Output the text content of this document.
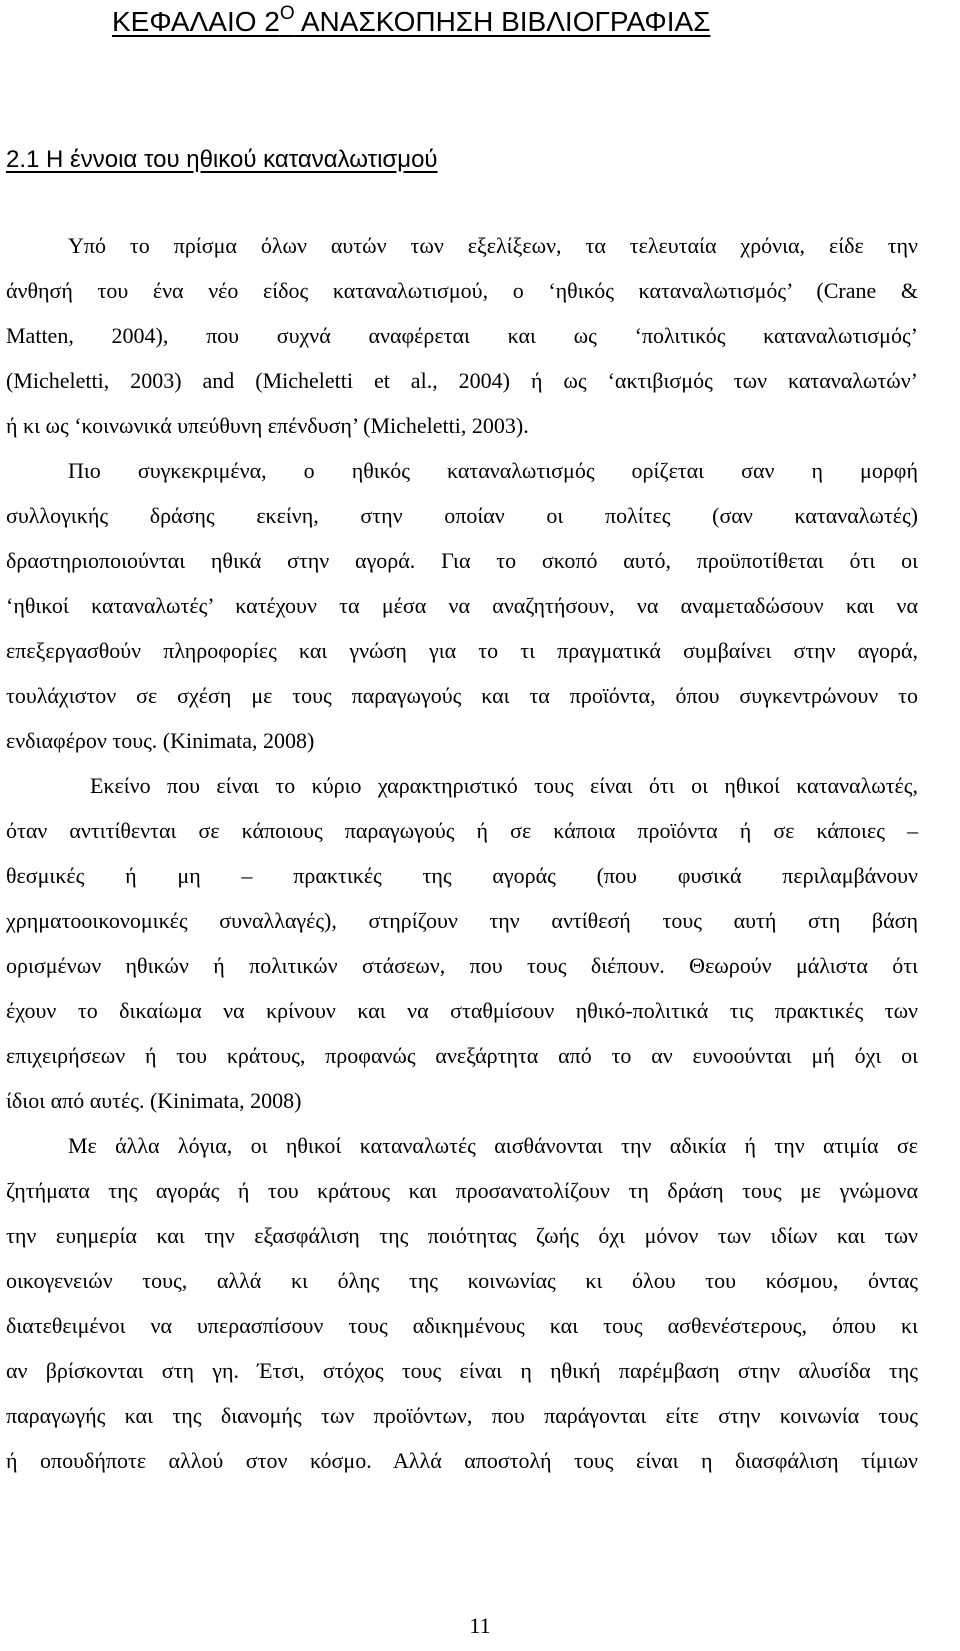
ΚΕΦΑΛΑΙΟ $2^O$ ΑΝΑΣΚΟΠΗΣΗ ΒΙΒΛΙΟΓΡΑΦΙΑΣ
2.1 Η έννοια του ηθικού καταναλωτισμού
Υπό το πρίσμα όλων αυτών των εξελίξεων, τα τελευταία χρόνια, είδε την
άνθησή του ένα νέο είδος καταναλωτισμού, ο ‘ηθικός καταναλωτισμός’ (Crane &
Matten, 2004), που συχνά αναφέρεται και ως ‘πολιτικός καταναλωτισμός’
(Micheletti, 2003) and (Micheletti et al., 2004) ή ως ‘ακτιβισμός των καταναλωτών’
ή κι ως ‘κοινωνικά υπεύθυνη επένδυση’ (Micheletti, 2003).
Πιο συγκεκριμένα, ο ηθικός καταναλωτισμός ορίζεται σαν η μορφή
συλλογικής δράσης εκείνη, στην οποίαν οι πολίτες (σαν καταναλωτές)
δραστηριοποιούνται ηθικά στην αγορά. Για το σκοπό αυτό, προϋποτίθεται ότι οι
‘ηθικοί καταναλωτές’ κατέχουν τα μέσα να αναζητήσουν, να αναμεταδώσουν και να
επεξεργασθούν πληροφορίες και γνώση για το τι πραγματικά συμβαίνει στην αγορά,
τουλάχιστον σε σχέση με τους παραγωγούς και τα προϊόντα, όπου συγκεντρώνουν το
ενδιαφέρον τους. (Kinimata, 2008)
Εκείνο που είναι το κύριο χαρακτηριστικό τους είναι ότι οι ηθικοί καταναλωτές,
όταν αντιτίθενται σε κάποιους παραγωγούς ή σε κάποια προϊόντα ή σε κάποιες –
θεσμικές ή μη – πρακτικές της αγοράς (που φυσικά περιλαμβάνουν
χρηματοοικονομικές συναλλαγές), στηρίζουν την αντίθεσή τους αυτή στη βάση
ορισμένων ηθικών ή πολιτικών στάσεων, που τους διέπουν. Θεωρούν μάλιστα ότι
έχουν το δικαίωμα να κρίνουν και να σταθμίσουν ηθικό-πολιτικά τις πρακτικές των
επιχειρήσεων ή του κράτους, προφανώς ανεξάρτητα από το αν ευνοούνται μή όχι οι
ίδιοι από αυτές. (Kinimata, 2008)
Με άλλα λόγια, οι ηθικοί καταναλωτές αισθάνονται την αδικία ή την ατιμία σε
ζητήματα της αγοράς ή του κράτους και προσανατολίζουν τη δράση τους με γνώμονα
την ευημερία και την εξασφάλιση της ποιότητας ζωής όχι μόνον των ιδίων και των
οικογενειών τους, αλλά κι όλης της κοινωνίας κι όλου του κόσμου, όντας
διατεθειμένοι να υπερασπίσουν τους αδικημένους και τους ασθενέστερους, όπου κι
αν βρίσκονται στη γη. Έτσι, στόχος τους είναι η ηθική παρέμβαση στην αλυσίδα της
παραγωγής και της διανομής των προϊόντων, που παράγονται είτε στην κοινωνία τους
ή οπουδήποτε αλλού στον κόσμο. Αλλά αποστολή τους είναι η διασφάλιση τίμιων
11
